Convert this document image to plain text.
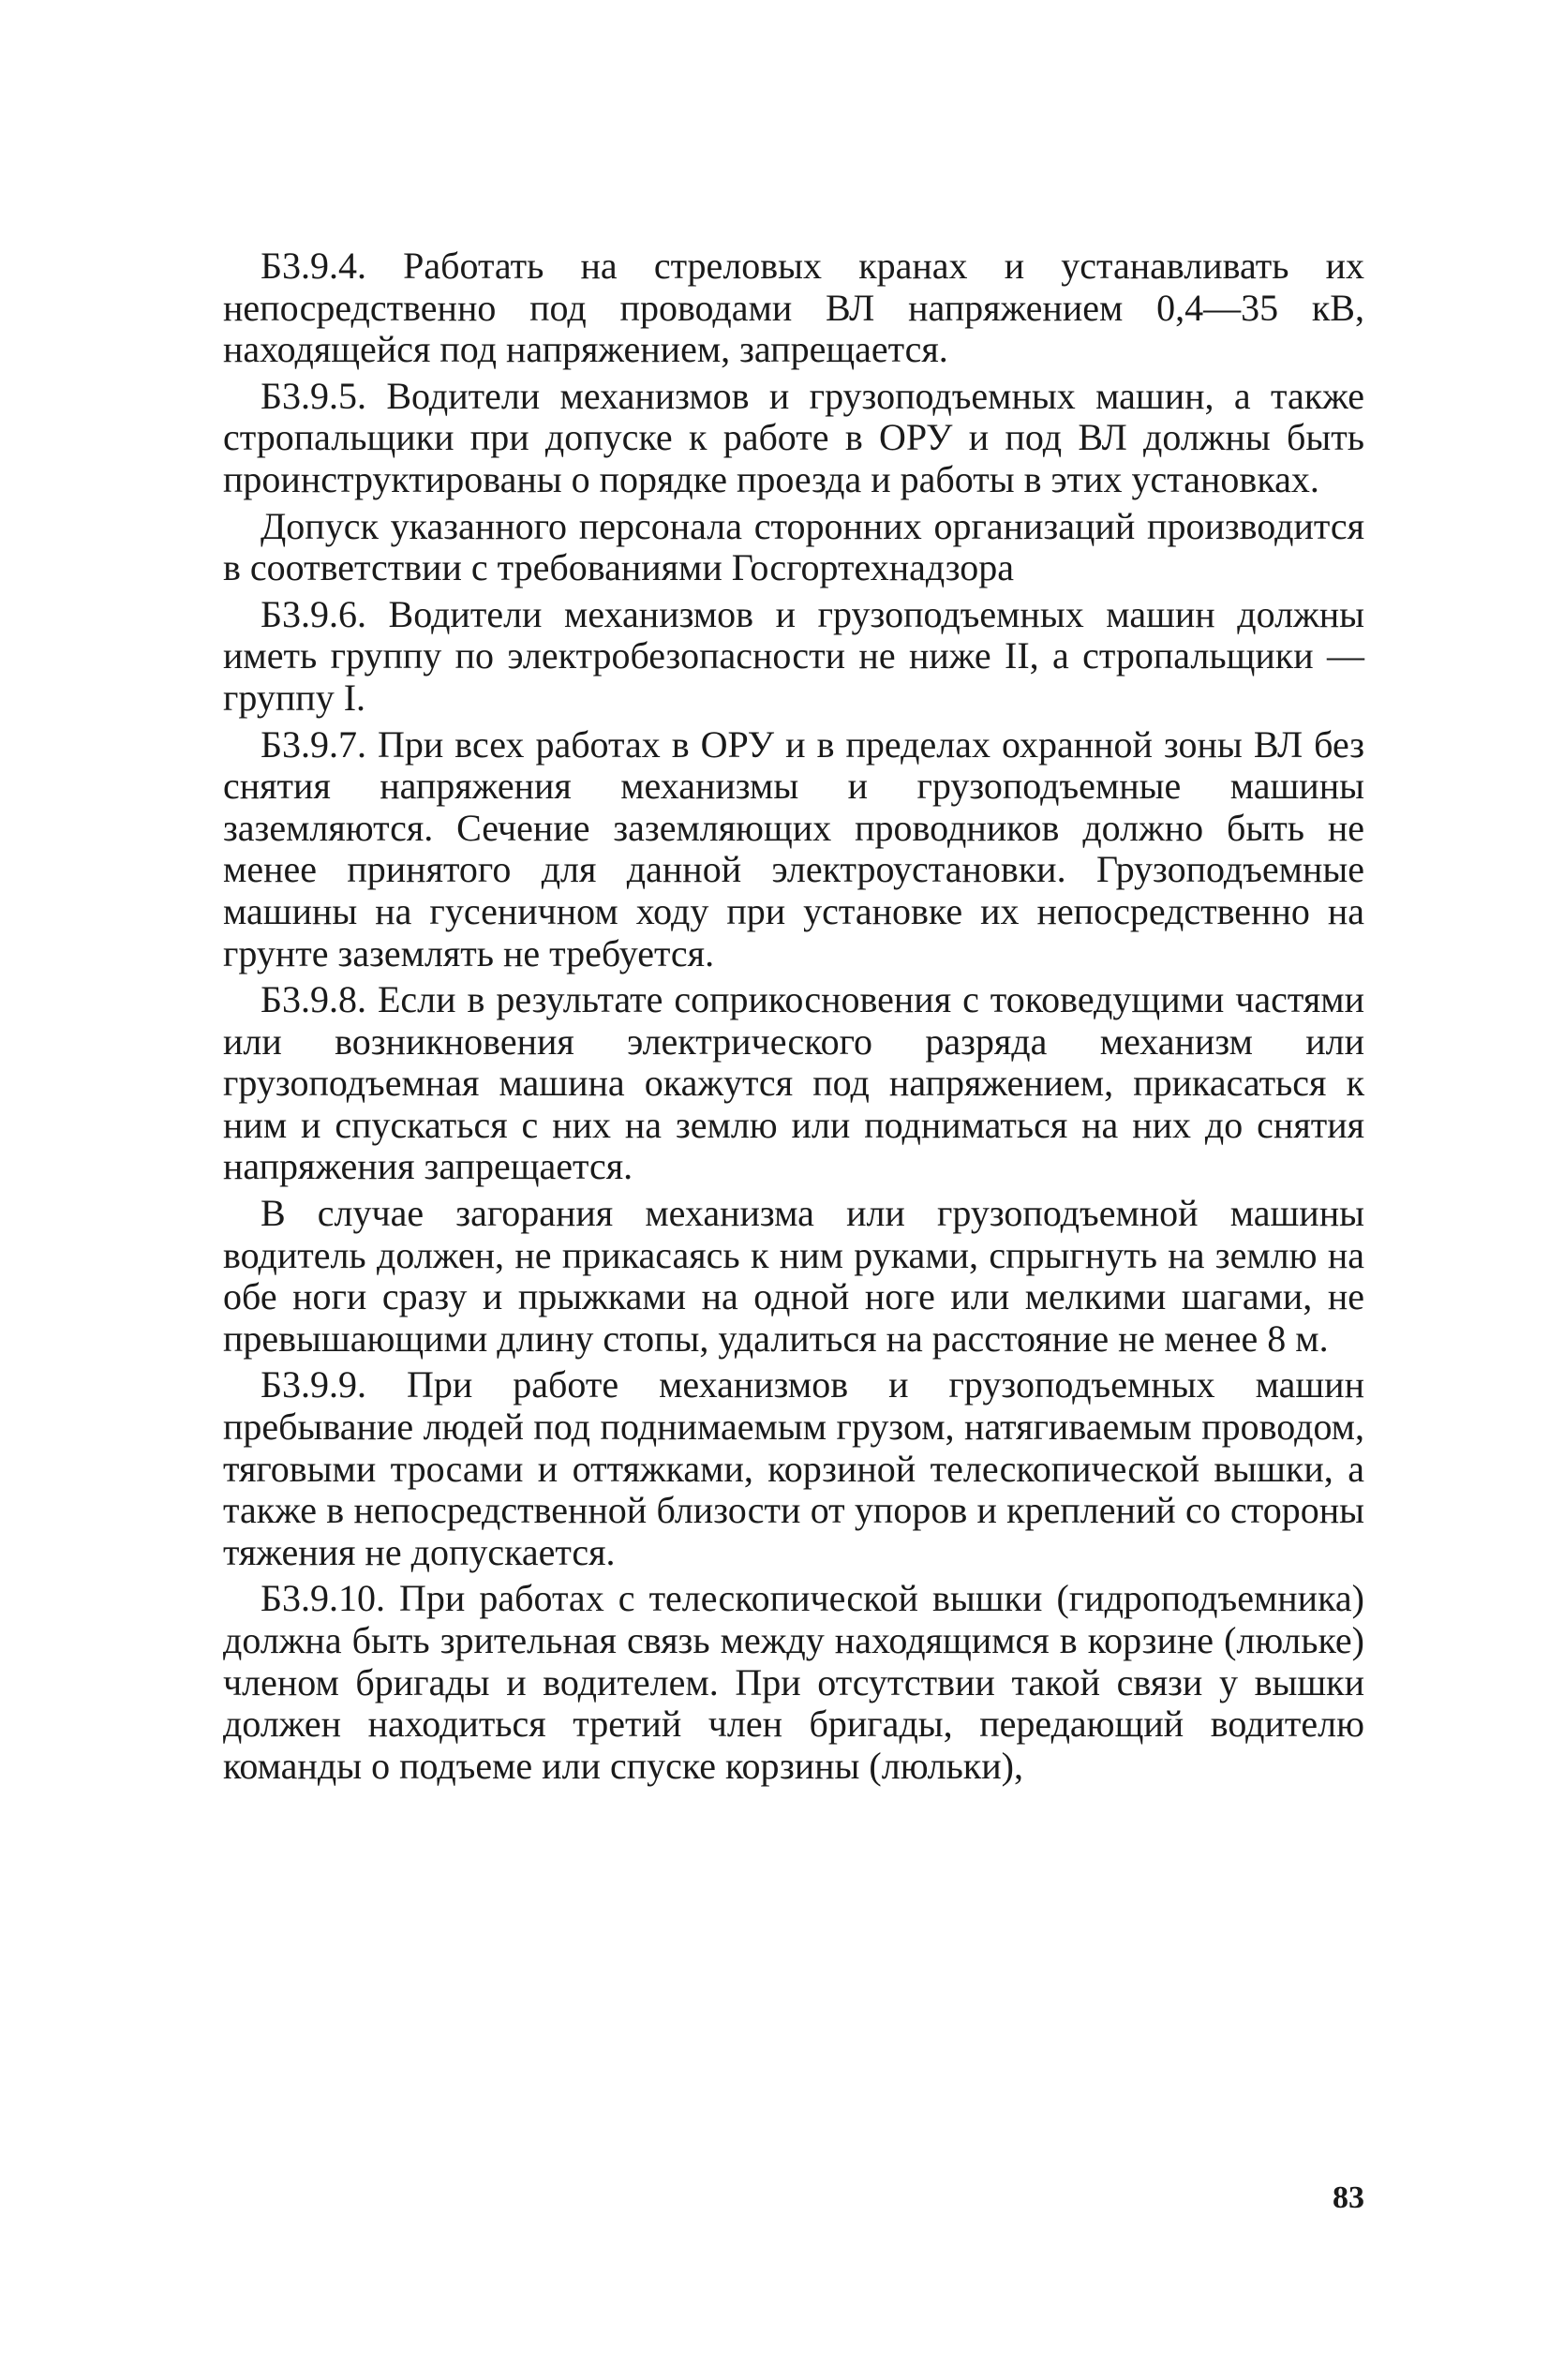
Б3.9.4. Работать на стреловых кранах и устанавливать их непосредственно под проводами ВЛ напряжением 0,4—35 кВ, находящейся под напряжением, запрещается.

Б3.9.5. Водители механизмов и грузоподъемных машин, а также стропальщики при допуске к работе в ОРУ и под ВЛ должны быть проинструктированы о порядке проезда и работы в этих установках.

Допуск указанного персонала сторонних организаций производится в соответствии с требованиями Госгортехнадзора

Б3.9.6. Водители механизмов и грузоподъемных машин должны иметь группу по электробезопасности не ниже II, а стропальщики — группу I.

Б3.9.7. При всех работах в ОРУ и в пределах охранной зоны ВЛ без снятия напряжения механизмы и грузоподъемные машины заземляются. Сечение заземляющих проводников должно быть не менее принятого для данной электроустановки. Грузоподъемные машины на гусеничном ходу при установке их непосредственно на грунте заземлять не требуется.

Б3.9.8. Если в результате соприкосновения с токоведущими частями или возникновения электрического разряда механизм или грузоподъемная машина окажутся под напряжением, прикасаться к ним и спускаться с них на землю или подниматься на них до снятия напряжения запрещается.

В случае загорания механизма или грузоподъемной машины водитель должен, не прикасаясь к ним руками, спрыгнуть на землю на обе ноги сразу и прыжками на одной ноге или мелкими шагами, не превышающими длину стопы, удалиться на расстояние не менее 8 м.

Б3.9.9. При работе механизмов и грузоподъемных машин пребывание людей под поднимаемым грузом, натягиваемым проводом, тяговыми тросами и оттяжками, корзиной телескопической вышки, а также в непосредственной близости от упоров и креплений со стороны тяжения не допускается.

Б3.9.10. При работах с телескопической вышки (гидроподъемника) должна быть зрительная связь между находящимся в корзине (люльке) членом бригады и водителем. При отсутствии такой связи у вышки должен находиться третий член бригады, передающий водителю команды о подъеме или спуске корзины (люльки),

83
